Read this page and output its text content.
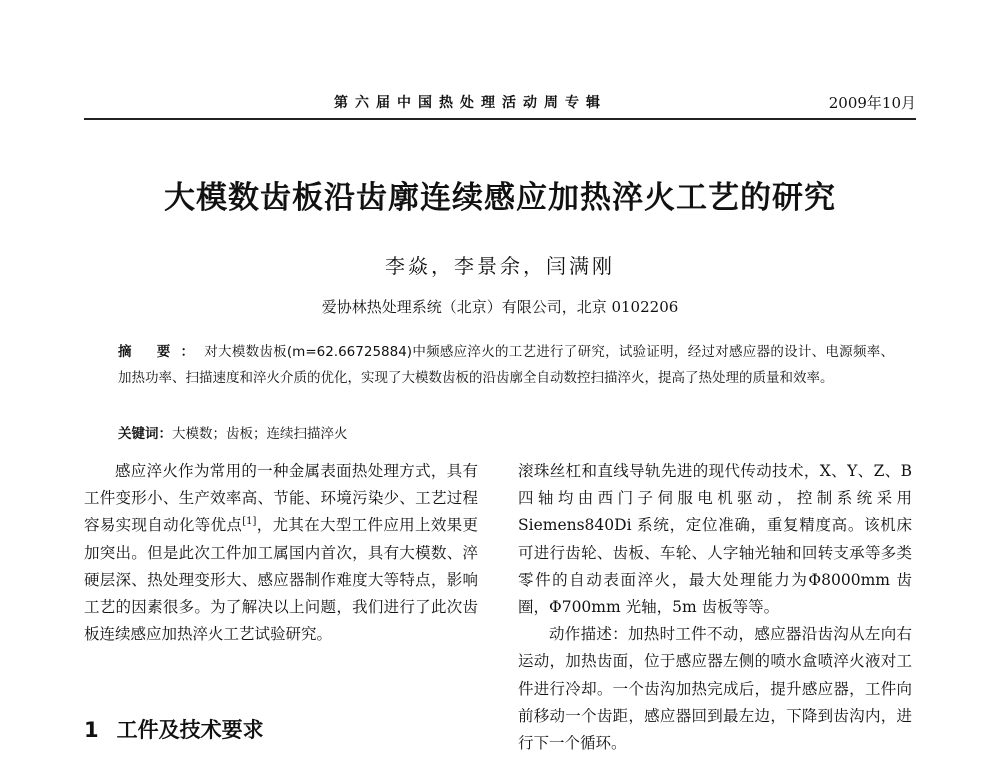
第六届中国热处理活动周专辑	2009年10月
大模数齿板沿齿廓连续感应加热淬火工艺的研究
李焱，李景余，闫满刚
爱协林热处理系统（北京）有限公司，北京 0102206
摘 要：对大模数齿板(m=62.66725884)中频感应淬火的工艺进行了研究，试验证明，经过对感应器的设计、电源频率、加热功率、扫描速度和淬火介质的优化，实现了大模数齿板的沿齿廓全自动数控扫描淬火，提高了热处理的质量和效率。
关键词：大模数；齿板；连续扫描淬火

感应淬火作为常用的一种金属表面热处理方式，具有工件变形小、生产效率高、节能、环境污染少、工艺过程容易实现自动化等优点[1]，尤其在大型工件应用上效果更加突出。但是此次工件加工属国内首次，具有大模数、淬硬层深、热处理变形大、感应器制作难度大等特点，影响工艺的因素很多。为了解决以上问题，我们进行了此次齿板连续感应加热淬火工艺试验研究。

滚珠丝杠和直线导轨先进的现代传动技术，X、Y、Z、B四轴均由西门子伺服电机驱动，控制系统采用Siemens840Di 系统，定位准确，重复精度高。该机床可进行齿轮、齿板、车轮、人字轴光轴和回转支承等多类零件的自动表面淬火，最大处理能力为Φ8000mm 齿圈，Φ700mm 光轴，5m 齿板等等。

动作描述：加热时工件不动，感应器沿齿沟从左向右运动，加热齿面，位于感应器左侧的喷水盒喷淬火液对工件进行冷却。一个齿沟加热完成后，提升感应器，工件向前移动一个齿距，感应器回到最左边，下降到齿沟内，进行下一个循环。

1 工件及技术要求
